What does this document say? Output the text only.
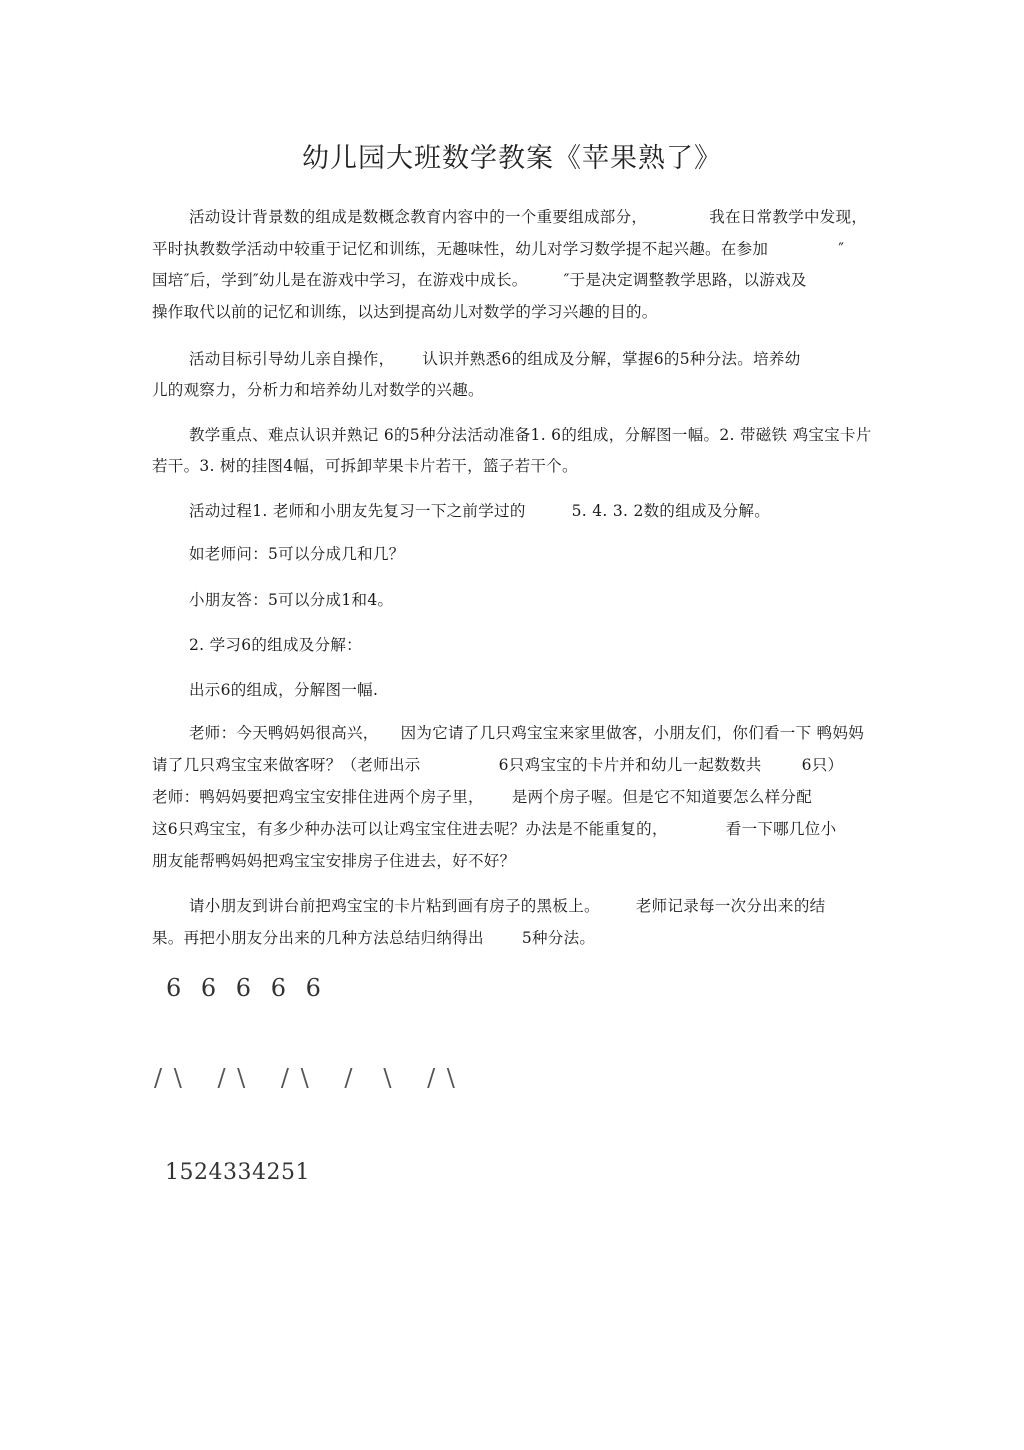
幼儿园大班数学教案《苹果熟了》
活动设计背景数的组成是数概念教育内容中的一个重要组成部分，	我在日常教学中发现，
平时执教数学活动中较重于记忆和训练，无趣味性，幼儿对学习数学提不起兴趣。在参加	″
国培″后，学到″幼儿是在游戏中学习，在游戏中成长。 ″于是决定调整教学思路，以游戏及
操作取代以前的记忆和训练，以达到提高幼儿对数学的学习兴趣的目的。
活动目标引导幼儿亲自操作， 认识并熟悉6的组成及分解，掌握6的5种分法。培养幼
儿的观察力，分析力和培养幼儿对数学的兴趣。
教学重点、难点认识并熟记 6的5种分法活动准备1. 6的组成，分解图一幅。2. 带磁铁 鸡宝宝卡片
若干。3. 树的挂图4幅，可拆卸苹果卡片若干，篮子若干个。
活动过程1. 老师和小朋友先复习一下之前学过的	5. 4. 3. 2数的组成及分解。
如老师问：5可以分成几和几？
小朋友答：5可以分成1和4。
2. 学习6的组成及分解：
出示6的组成，分解图一幅.
老师：今天鸭妈妈很高兴， 因为它请了几只鸡宝宝来家里做客，小朋友们，你们看一下 鸭妈妈
请了几只鸡宝宝来做客呀？（老师出示	6只鸡宝宝的卡片并和幼儿一起数数共	6只）
老师：鸭妈妈要把鸡宝宝安排住进两个房子里， 是两个房子喔。但是它不知道要怎么样分配
这6只鸡宝宝，有多少种办法可以让鸡宝宝住进去呢？办法是不能重复的，	看一下哪几位小
朋友能帮鸭妈妈把鸡宝宝安排房子住进去，好不好？
请小朋友到讲台前把鸡宝宝的卡片粘到画有房子的黑板上。 老师记录每一次分出来的结
果。再把小朋友分出来的几种方法总结归纳得出 5种分法。
6 6 6 6 6
/ \ / \ / \ /   \ / \
1524334251
